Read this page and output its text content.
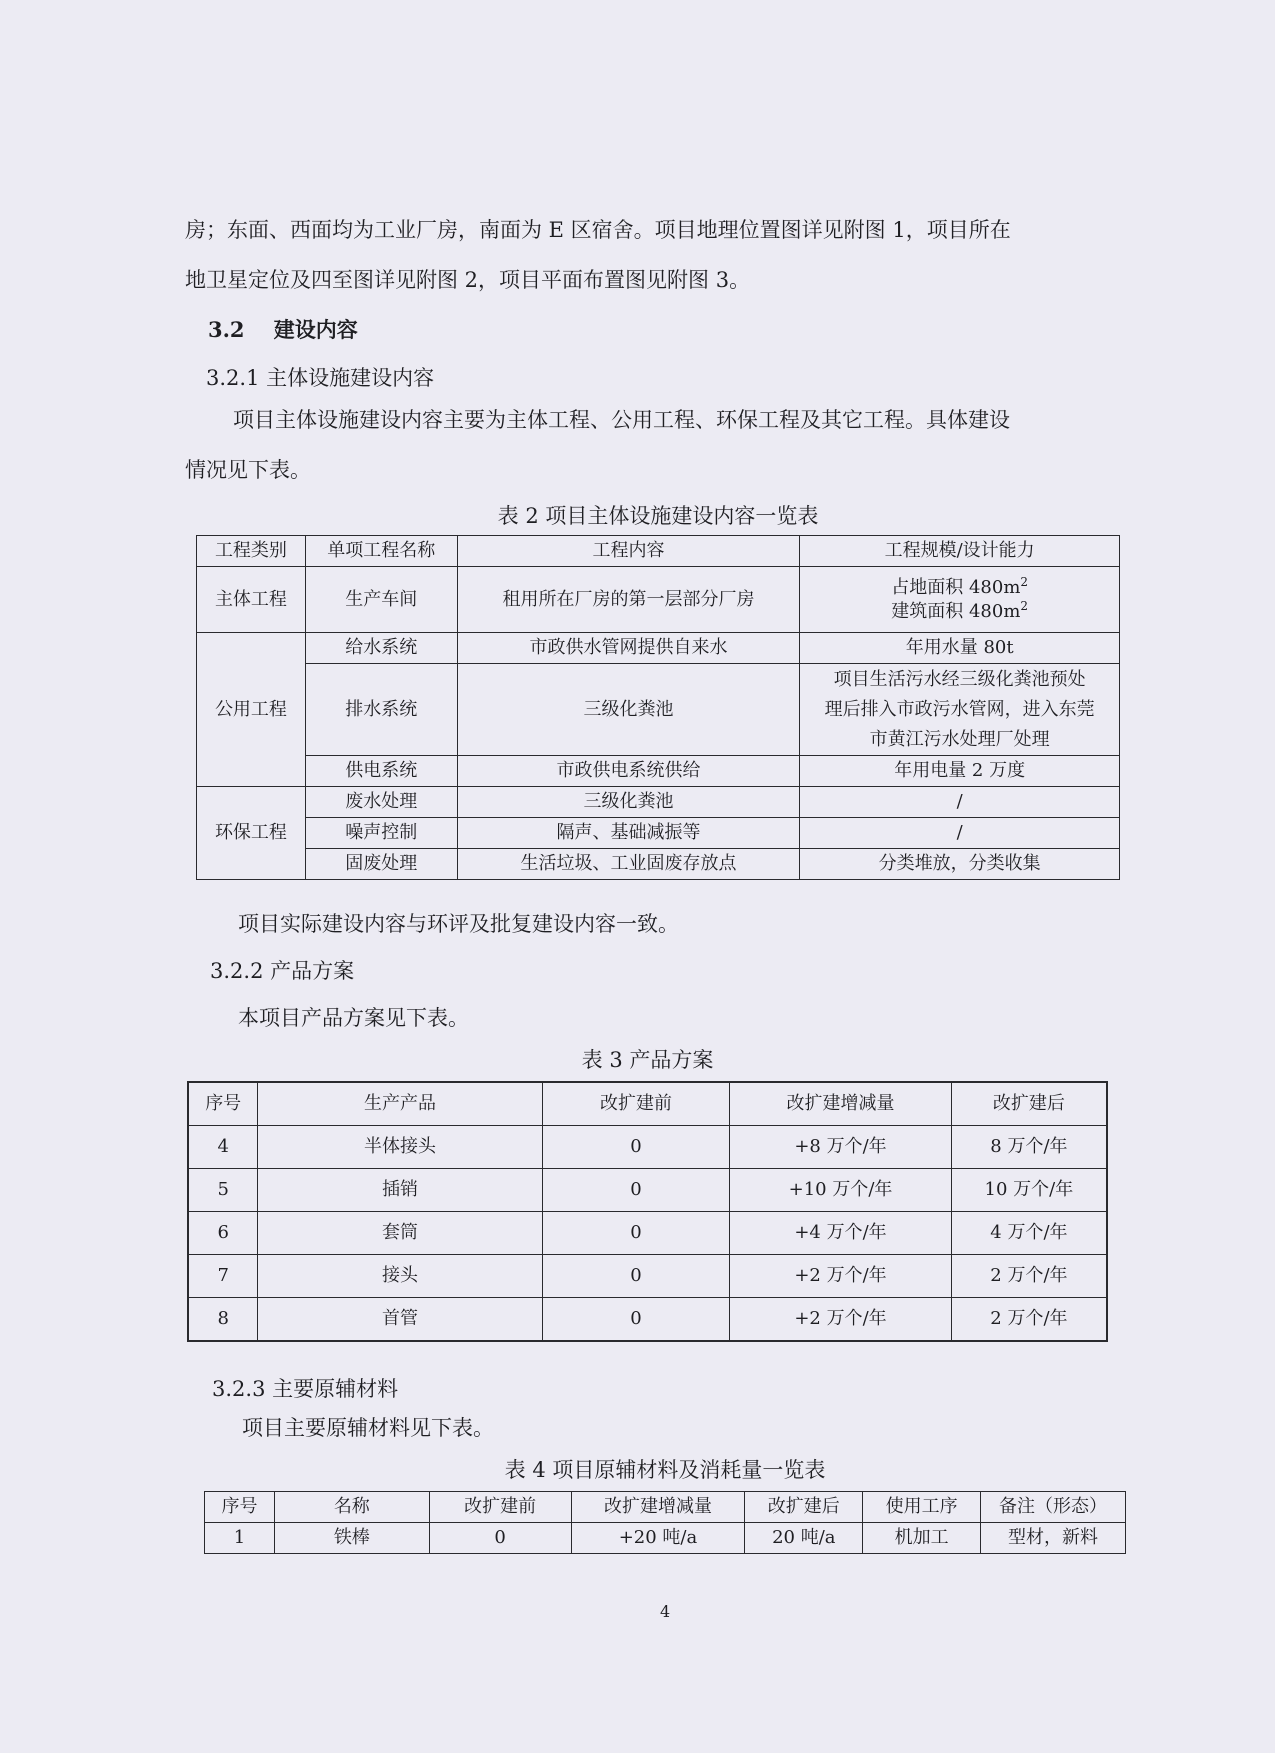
房；东面、西面均为工业厂房，南面为 E 区宿舍。项目地理位置图详见附图 1，项目所在
地卫星定位及四至图详见附图 2，项目平面布置图见附图 3。
3.2 建设内容
3.2.1 主体设施建设内容
项目主体设施建设内容主要为主体工程、公用工程、环保工程及其它工程。具体建设
情况见下表。
表 2 项目主体设施建设内容一览表
工程类别	单项工程名称	工程内容	工程规模/设计能力
主体工程	生产车间	租用所在厂房的第一层部分厂房	占地面积 $480m^2$
建筑面积 $480m^2$

公用工程	给水系统	市政供水管网提供自来水	年用水量 80t
	排水系统	三级化粪池	项目生活污水经三级化粪池预处
理后排入市政污水管网，进入东莞
市黄江污水处理厂处理

	供电系统	市政供电系统供给	年用电量 2 万度
环保工程	废水处理	三级化粪池	/
	噪声控制	隔声、基础减振等	/
	固废处理	生活垃圾、工业固废存放点	分类堆放，分类收集
项目实际建设内容与环评及批复建设内容一致。
3.2.2 产品方案
本项目产品方案见下表。
表 3 产品方案
序号	生产产品	改扩建前	改扩建增减量	改扩建后
4	半体接头	0	+8 万个/年	8 万个/年
5	插销	0	+10 万个/年	10 万个/年
6	套筒	0	+4 万个/年	4 万个/年
7	接头	0	+2 万个/年	2 万个/年
8	首管	0	+2 万个/年	2 万个/年
3.2.3 主要原辅材料
项目主要原辅材料见下表。
表 4 项目原辅材料及消耗量一览表
序号	名称	改扩建前	改扩建增减量	改扩建后	使用工序	备注（形态）
1	铁棒	0	+20 吨/a	20 吨/a	机加工	型材，新料
4
